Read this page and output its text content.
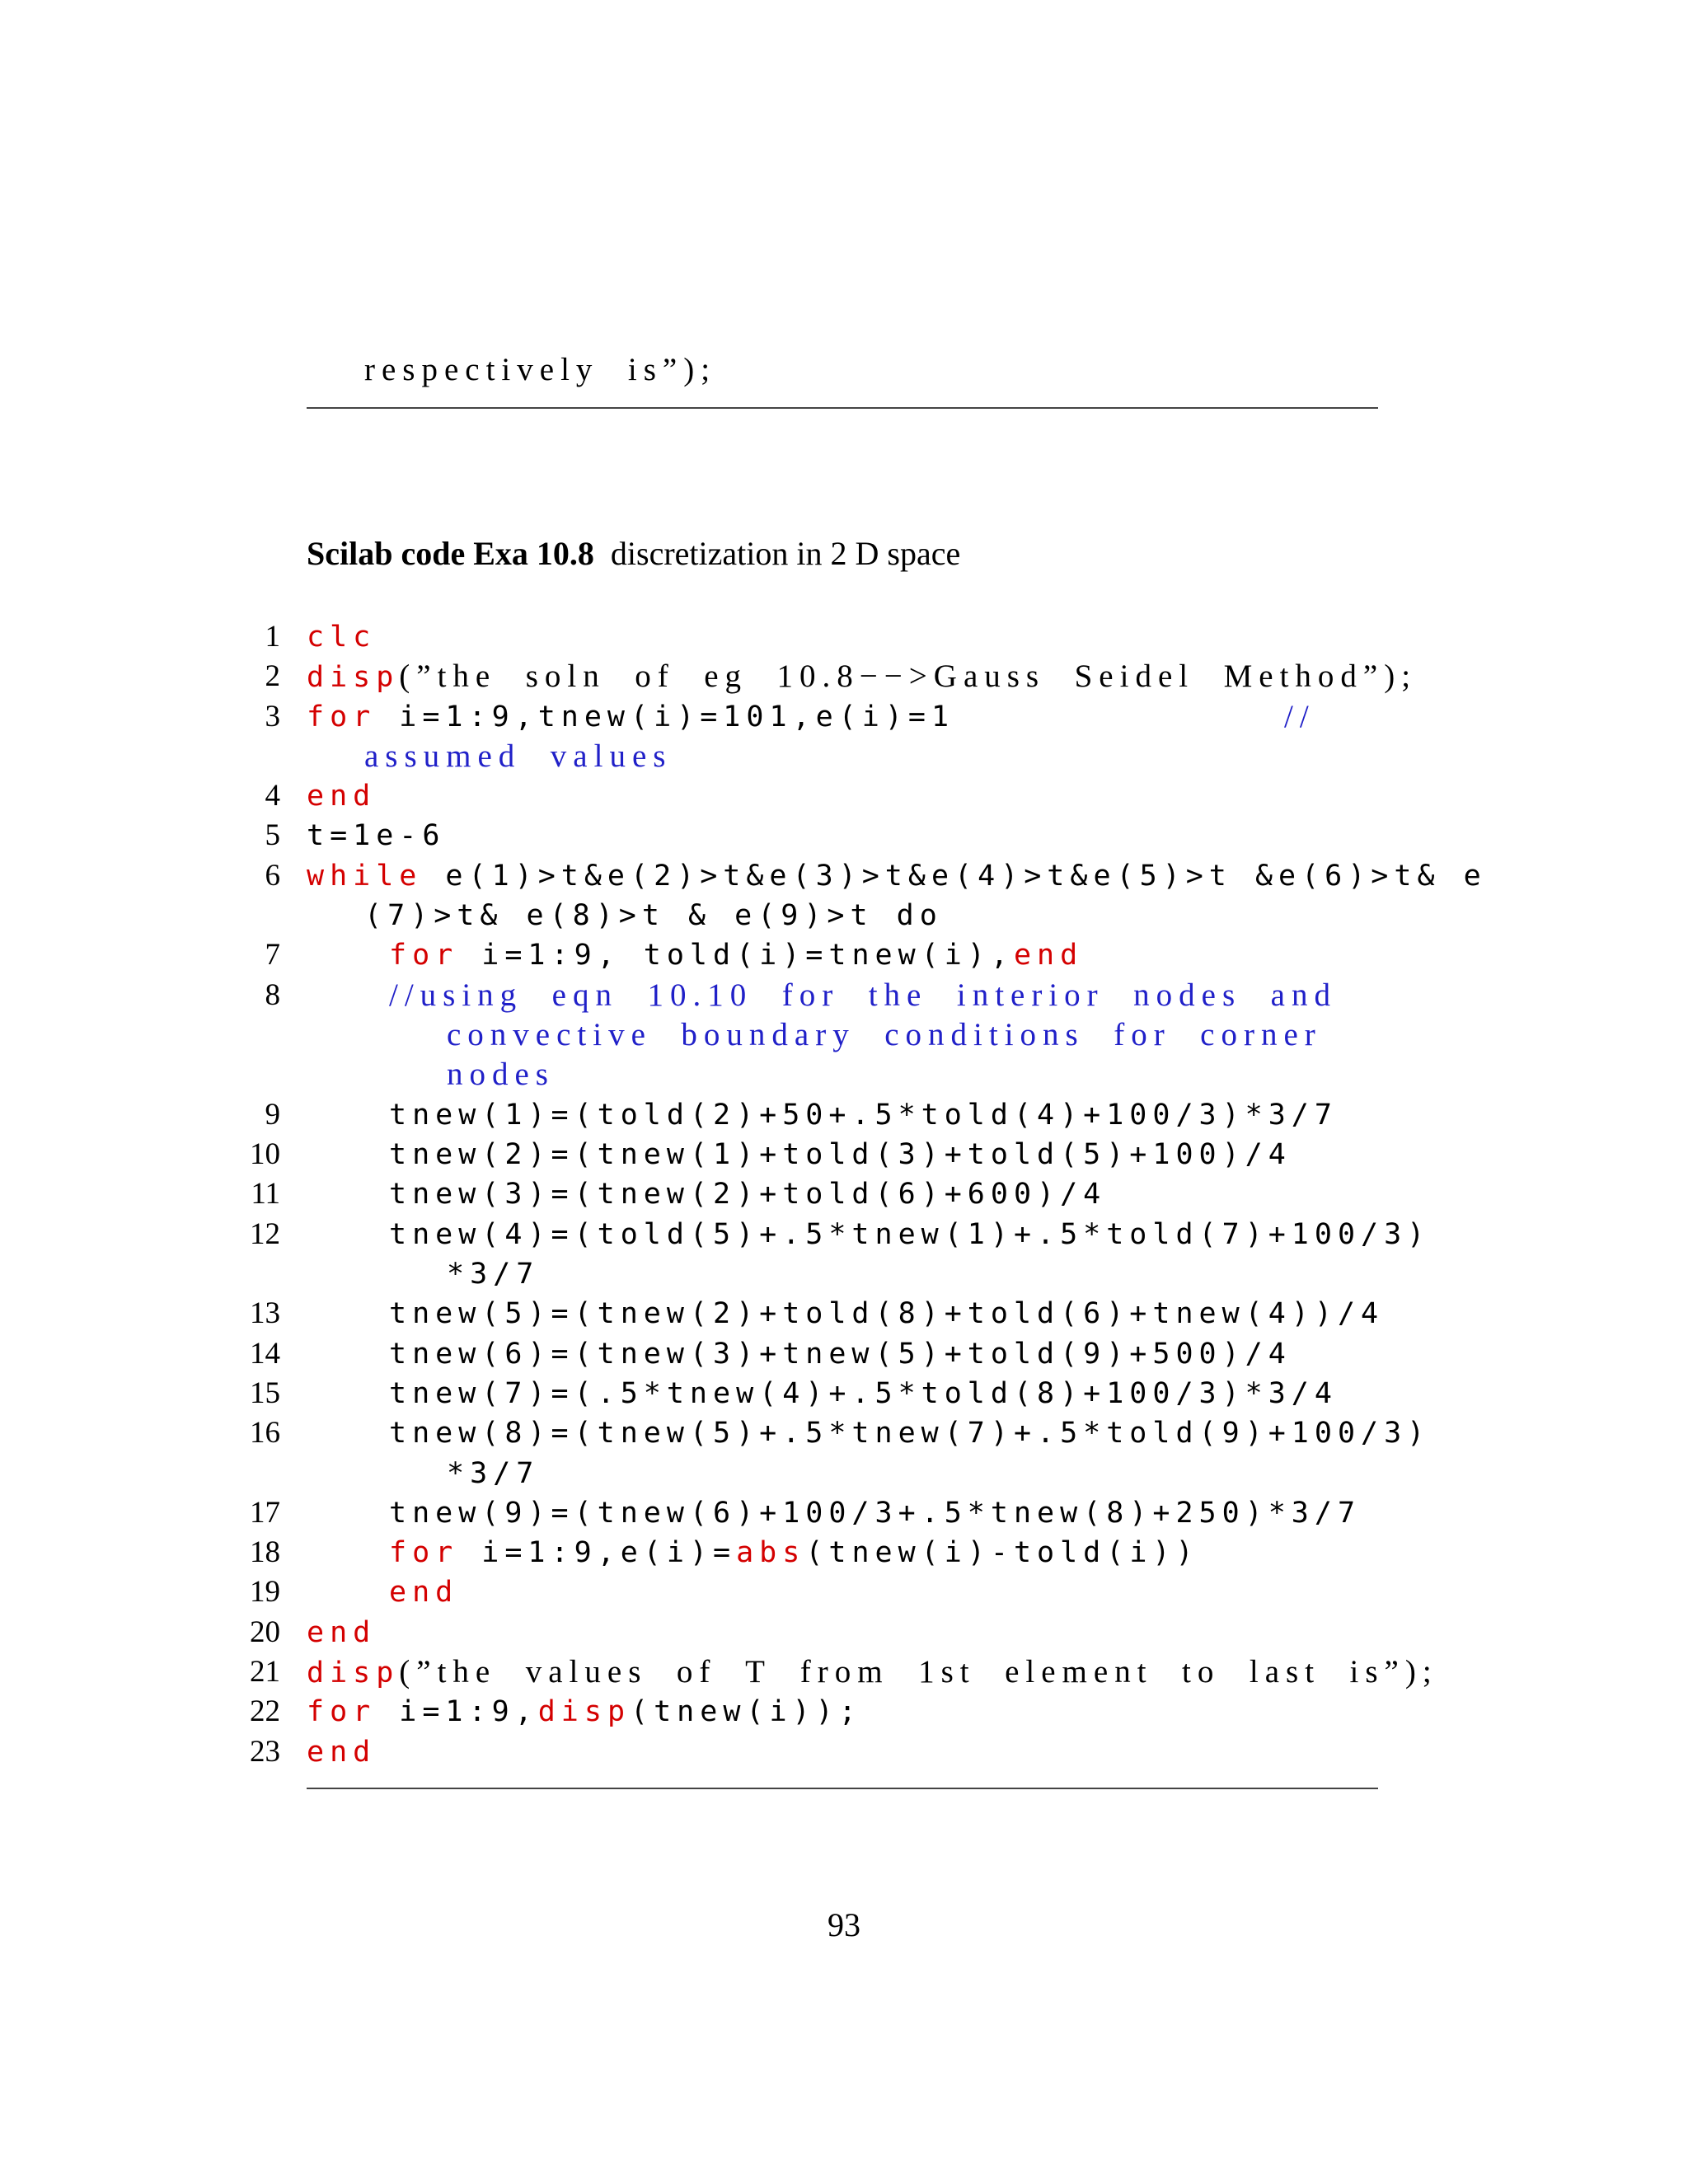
respectively  is”);
Scilab code Exa 10.8 discretization in 2 D space
1 clc
2 disp(”the  soln  of  eg  10.8−−>Gauss  Seidel  Method”);
3 for i=1:9,tnew(i)=101,e(i)=1
assumed  values
4 end
5 t=1e-6
6 while e(1)>t&e(2)>t&e(3)>t&e(4)>t&e(5)>t &e(6)>t& e
(7)>t& e(8)>t & e(9)>t do
7	for i=1:9, told(i)=tnew(i),end
8	//using  eqn  10.10  for  the  interior  nodes  and
convective  boundary  conditions  for  corner
nodes
9	tnew(1)=(told(2)+50+.5*told(4)+100/3)*3/7
10	tnew(2)=(tnew(1)+told(3)+told(5)+100)/4
11	tnew(3)=(tnew(2)+told(6)+600)/4
12	tnew(4)=(told(5)+.5*tnew(1)+.5*told(7)+100/3)
*3/7
13	tnew(5)=(tnew(2)+told(8)+told(6)+tnew(4))/4
14	tnew(6)=(tnew(3)+tnew(5)+told(9)+500)/4
15	tnew(7)=(.5*tnew(4)+.5*told(8)+100/3)*3/4
16	tnew(8)=(tnew(5)+.5*tnew(7)+.5*told(9)+100/3)
*3/7
17	tnew(9)=(tnew(6)+100/3+.5*tnew(8)+250)*3/7
18	for i=1:9,e(i)=abs(tnew(i)-told(i))
19	end
20 end
21 disp(”the  values  of  T  from  1st  element  to  last  is”);
22 for i=1:9,disp(tnew(i));
23 end
//
93
